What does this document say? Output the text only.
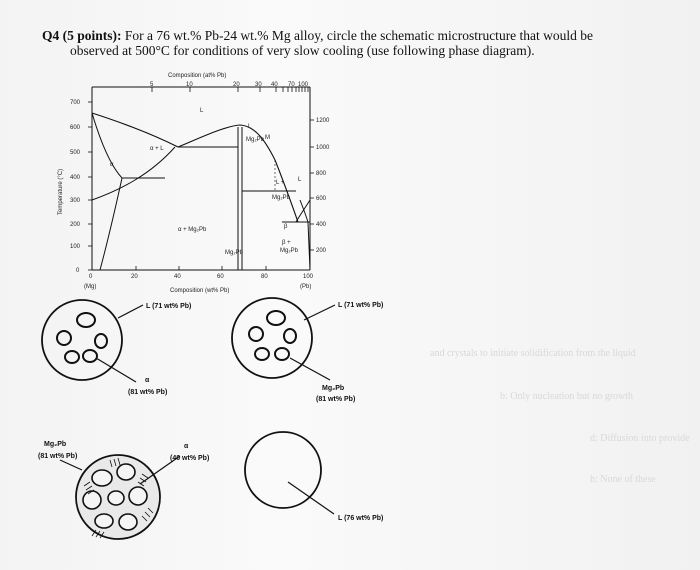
Q4 (5 points): For a 76 wt.% Pb-24 wt.% Mg alloy, circle the schematic microstructure that would be
observed at 500°C for conditions of very slow cooling (use following phase diagram).
and crystals to initiate solidification from the liquid
b: Only nucleation but no growth
d: Diffusion into provide
h: None of these
Composition (at% Pb)
5	10	20	30 40 70 100
700
600
500
400
300
200
100
0
1200
1000
800
600
400
200
0	20	40	60	80	100
(Mg)	(Pb)
Composition (wt% Pb)
Temperature (°C)
L
α + L
α
α + Mg₂Pb
L
Mg₂Pb M
L +
Mg₂Pb
Mg₂Pb
β +
Mg₂Pb
β
L
L (71 wt% Pb)
α
(81 wt% Pb)
L (71 wt% Pb)
Mg₂Pb
(81 wt% Pb)
Mg₂Pb
(81 wt% Pb)
α
(40 wt% Pb)
L (76 wt% Pb)
